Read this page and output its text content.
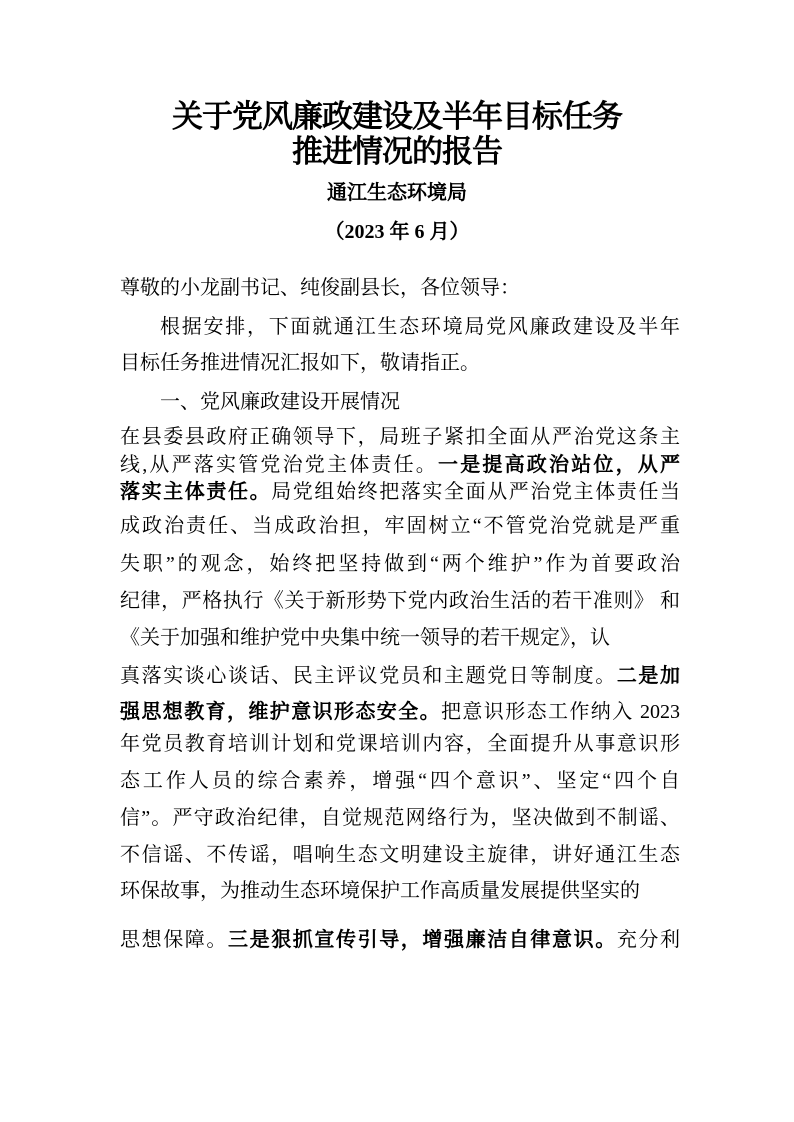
关于党风廉政建设及半年目标任务
推进情况的报告
通江生态环境局
（2023 年 6 月）
尊敬的小龙副书记、纯俊副县长，各位领导：
根据安排，下面就通江生态环境局党风廉政建设及半年
目标任务推进情况汇报如下，敬请指正。
一、党风廉政建设开展情况
在县委县政府正确领导下，局班子紧扣全面从严治党这条主
线,从严落实管党治党主体责任。一是提高政治站位，从严
落实主体责任。局党组始终把落实全面从严治党主体责任当
成政治责任、当成政治担，牢固树立“不管党治党就是严重
失职”的观念，始终把坚持做到“两个维护”作为首要政治
纪律，严格执行《关于新形势下党内政治生活的若干准则》 和
《关于加强和维护党中央集中统一领导的若干规定》，认
真落实谈心谈话、民主评议党员和主题党日等制度。二是加
强思想教育，维护意识形态安全。把意识形态工作纳入 2023
年党员教育培训计划和党课培训内容，全面提升从事意识形
态工作人员的综合素养，增强“四个意识”、坚定“四个自
信”。严守政治纪律，自觉规范网络行为，坚决做到不制谣、
不信谣、不传谣，唱响生态文明建设主旋律，讲好通江生态
环保故事，为推动生态环境保护工作高质量发展提供坚实的
思想保障。三是狠抓宣传引导，增强廉洁自律意识。充分利
